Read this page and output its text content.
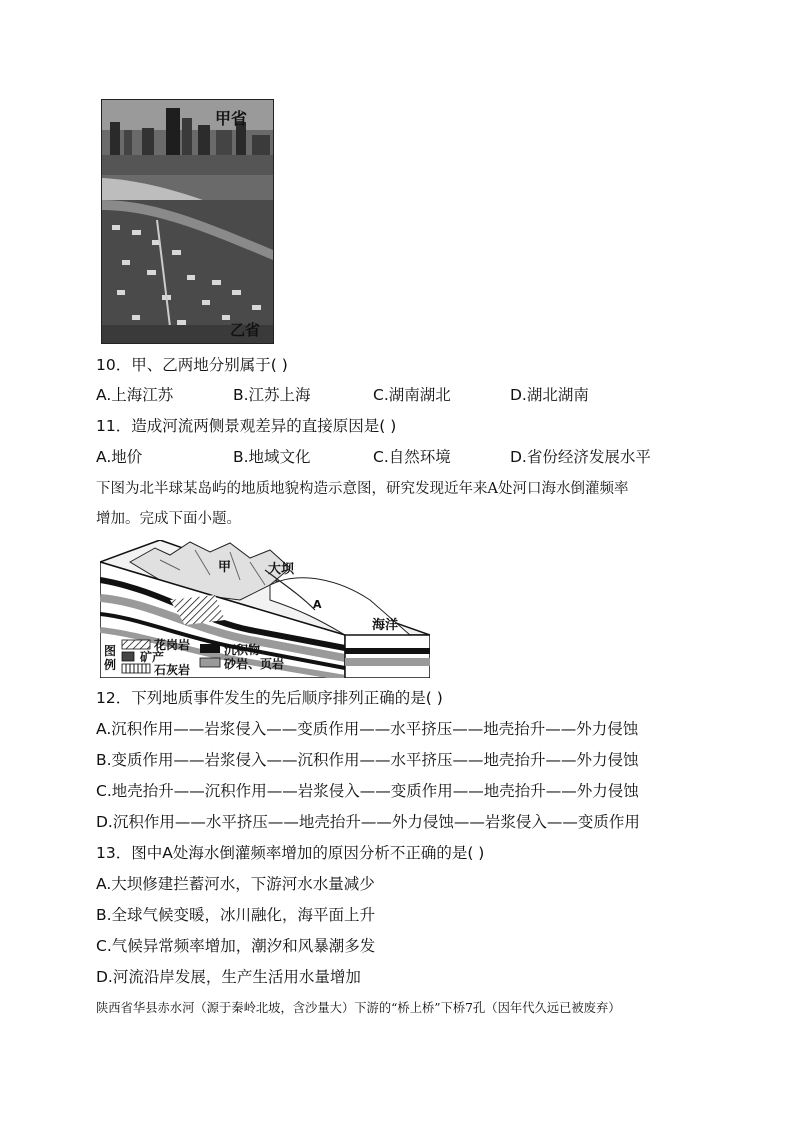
甲省
乙省
10．甲、乙两地分别属于( )
A.上海江苏	B.江苏上海	C.湖南湖北	D.湖北湖南
11．造成河流两侧景观差异的直接原因是( )
A.地价	B.地域文化	C.自然环境	D.省份经济发展水平
下图为北半球某岛屿的地质地貌构造示意图，研究发现近年来A处河口海水倒灌频率
增加。完成下面小题。
甲	大坝
A
海洋
图例
花岗岩
矿产
石灰岩
沉积物
砂岩、页岩
12．下列地质事件发生的先后顺序排列正确的是( )
A.沉积作用——岩浆侵入——变质作用——水平挤压——地壳抬升——外力侵蚀
B.变质作用——岩浆侵入——沉积作用——水平挤压——地壳抬升——外力侵蚀
C.地壳抬升——沉积作用——岩浆侵入——变质作用——地壳抬升——外力侵蚀
D.沉积作用——水平挤压——地壳抬升——外力侵蚀——岩浆侵入——变质作用
13．图中A处海水倒灌频率增加的原因分析不正确的是( )
A.大坝修建拦蓄河水，下游河水水量减少
B.全球气候变暖，冰川融化，海平面上升
C.气候异常频率增加，潮汐和风暴潮多发
D.河流沿岸发展，生产生活用水量增加
陕西省华县赤水河（源于秦岭北坡，含沙量大）下游的“桥上桥”下桥7孔（因年代久远已被废弃）
